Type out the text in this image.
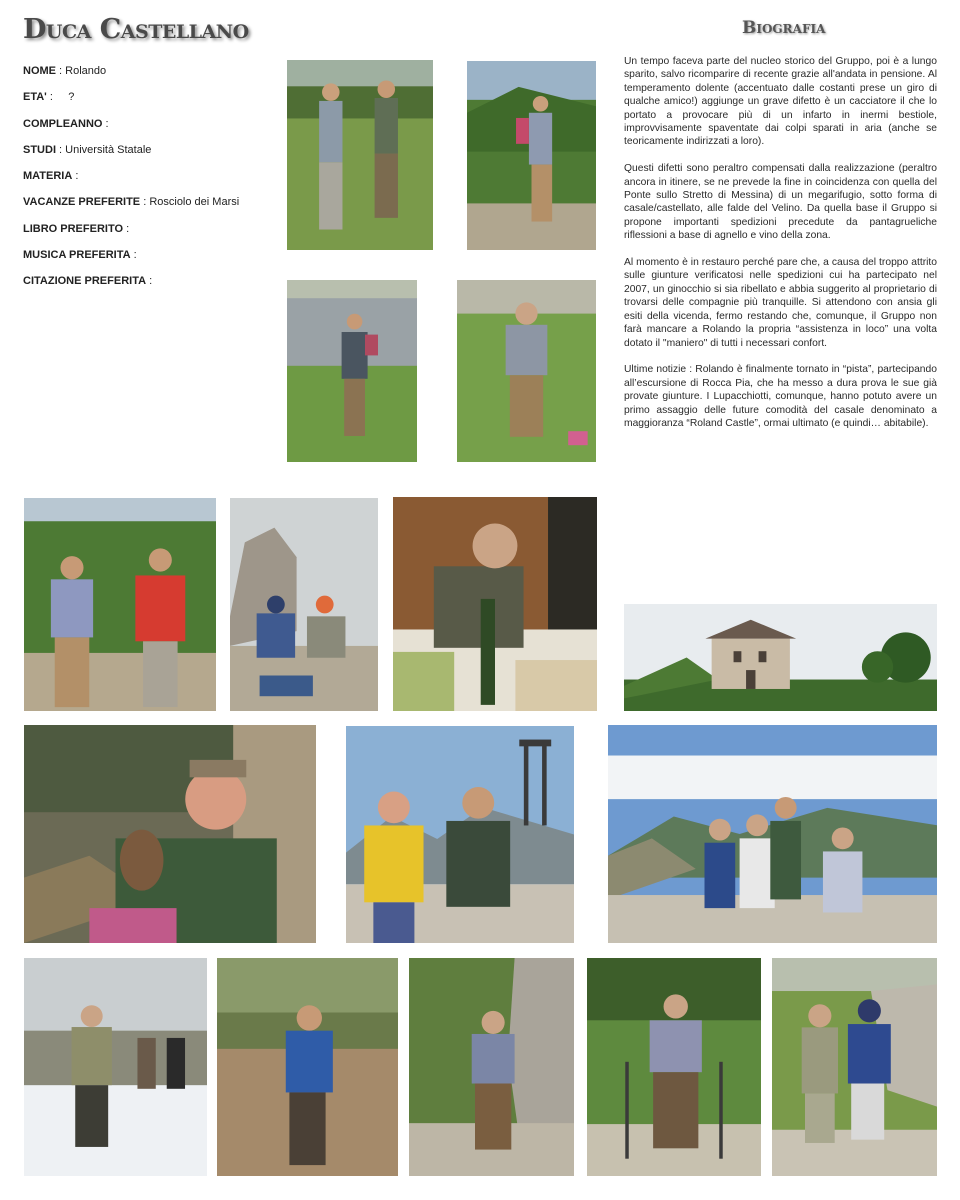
Duca Castellano	Biografia
NOME : Rolando
ETA' :     ?
COMPLEANNO :
STUDI : Università Statale
MATERIA :
VACANZE PREFERITE : Rosciolo dei Marsi
LIBRO PREFERITO :
MUSICA PREFERITA :
CITAZIONE PREFERITA :

Un tempo faceva parte del nucleo storico del Gruppo, poi è a lungo sparito, salvo ricomparire di recente grazie all'andata in pensione. Al temperamento dolente (accentuato dalle costanti prese un giro di qualche amico!) aggiunge un grave difetto è un cacciatore il che lo portato a provocare più di un infarto in inermi bestiole, improvvisamente spaventate dai colpi sparati in aria (anche se teoricamente indirizzati a loro).

Questi difetti sono peraltro compensati dalla realizzazione (peraltro ancora in itinere, se ne prevede la fine in coincidenza con quella del Ponte sullo Stretto di Messina) di un megarifugio, sotto forma di casale/castellato, alle falde del Velino. Da quella base il Gruppo si propone importanti spedizioni precedute da pantagrueliche riflessioni a base di agnello e vino della zona.

Al momento è in restauro perché pare che, a causa del troppo attrito sulle giunture verificatosi nelle spedizioni cui ha partecipato nel 2007, un ginocchio si sia ribellato e abbia suggerito al proprietario di trovarsi delle compagnie più tranquille. Si attendono con ansia gli esiti della vicenda, fermo restando che, comunque, il Gruppo non farà mancare a Rolando la propria “assistenza in loco” una volta dotato il "maniero" di tutti i necessari confort.

Ultime notizie : Rolando è finalmente tornato in “pista”, partecipando all’escursione di Rocca Pia, che ha messo a dura prova le sue già provate giunture. I Lupacchiotti, comunque, hanno potuto avere un primo assaggio delle future comodità del casale denominato a maggioranza “Roland Castle”, ormai ultimato (e quindi… abitabile).
